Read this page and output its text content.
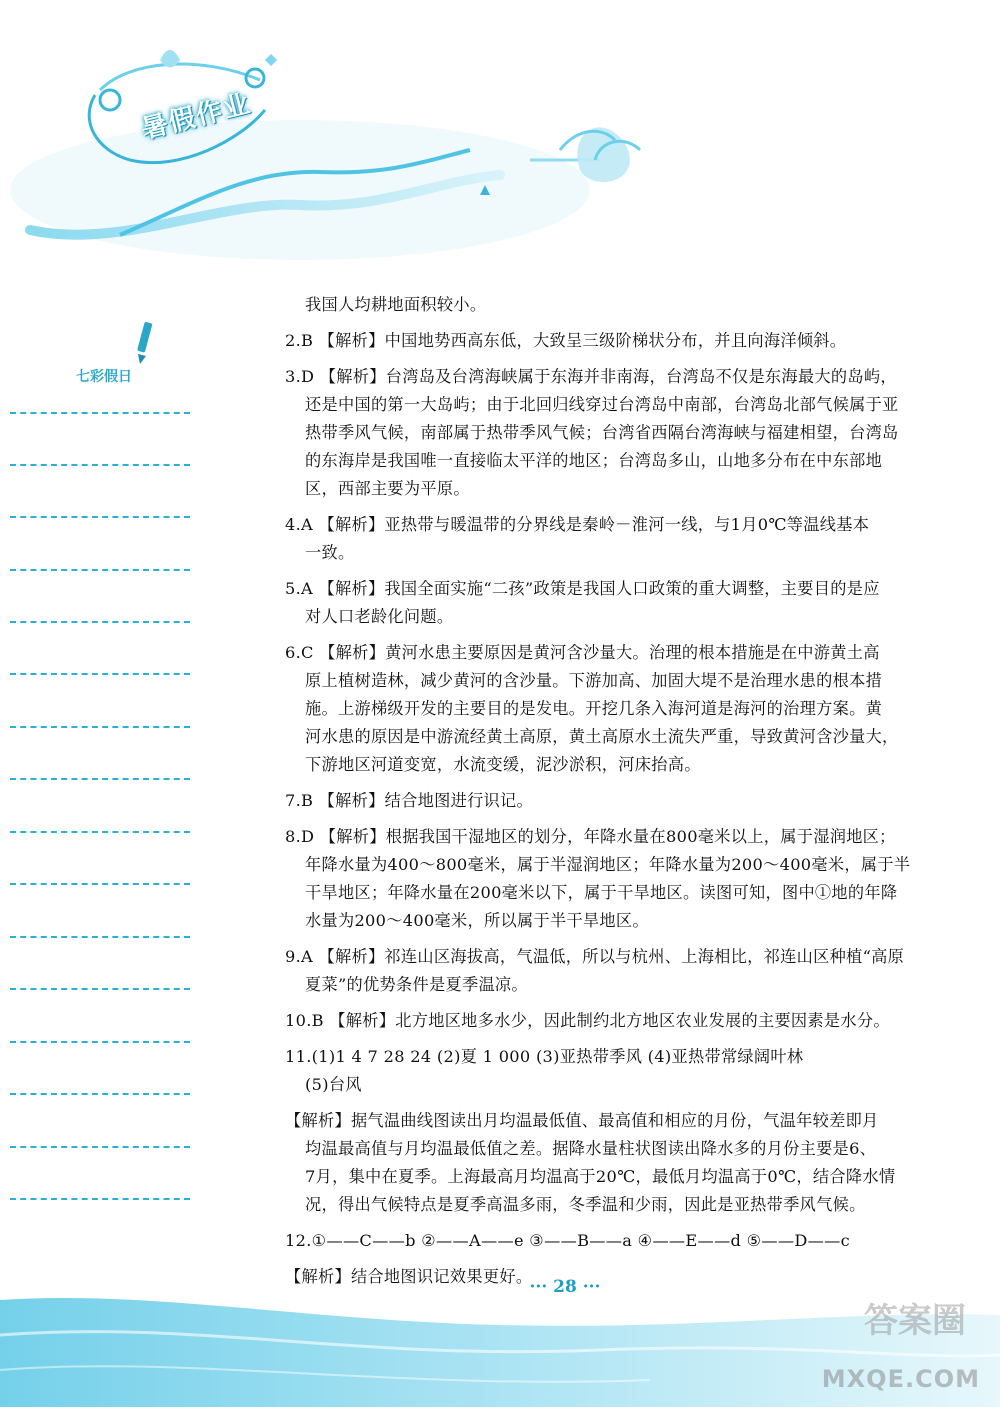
暑假作业
七彩假日
我国人均耕地面积较小。
2.B 【解析】中国地势西高东低，大致呈三级阶梯状分布，并且向海洋倾斜。
3.D 【解析】台湾岛及台湾海峡属于东海并非南海，台湾岛不仅是东海最大的岛屿，
还是中国的第一大岛屿；由于北回归线穿过台湾岛中南部，台湾岛北部气候属于亚
热带季风气候，南部属于热带季风气候；台湾省西隔台湾海峡与福建相望，台湾岛
的东海岸是我国唯一直接临太平洋的地区；台湾岛多山，山地多分布在中东部地
区，西部主要为平原。
4.A 【解析】亚热带与暖温带的分界线是秦岭－淮河一线，与1月0℃等温线基本
一致。
5.A 【解析】我国全面实施“二孩”政策是我国人口政策的重大调整，主要目的是应
对人口老龄化问题。
6.C 【解析】黄河水患主要原因是黄河含沙量大。治理的根本措施是在中游黄土高
原上植树造林，减少黄河的含沙量。下游加高、加固大堤不是治理水患的根本措
施。上游梯级开发的主要目的是发电。开挖几条入海河道是海河的治理方案。黄
河水患的原因是中游流经黄土高原，黄土高原水土流失严重，导致黄河含沙量大，
下游地区河道变宽，水流变缓，泥沙淤积，河床抬高。
7.B 【解析】结合地图进行识记。
8.D 【解析】根据我国干湿地区的划分，年降水量在800毫米以上，属于湿润地区；
年降水量为400～800毫米，属于半湿润地区；年降水量为200～400毫米，属于半
干旱地区；年降水量在200毫米以下，属于干旱地区。读图可知，图中①地的年降
水量为200～400毫米，所以属于半干旱地区。
9.A 【解析】祁连山区海拔高，气温低，所以与杭州、上海相比，祁连山区种植“高原
夏菜”的优势条件是夏季温凉。
10.B 【解析】北方地区地多水少，因此制约北方地区农业发展的主要因素是水分。
11.(1)1 4 7 28 24 (2)夏 1 000 (3)亚热带季风 (4)亚热带常绿阔叶林
(5)台风
【解析】据气温曲线图读出月均温最低值、最高值和相应的月份，气温年较差即月
均温最高值与月均温最低值之差。据降水量柱状图读出降水多的月份主要是6、
7月，集中在夏季。上海最高月均温高于20℃，最低月均温高于0℃，结合降水情
况，得出气候特点是夏季高温多雨，冬季温和少雨，因此是亚热带季风气候。
12.①——C——b ②——A——e ③——B——a ④——E——d ⑤——D——c
【解析】结合地图识记效果更好。
··· 28 ···
答案圈
MXQE.COM
